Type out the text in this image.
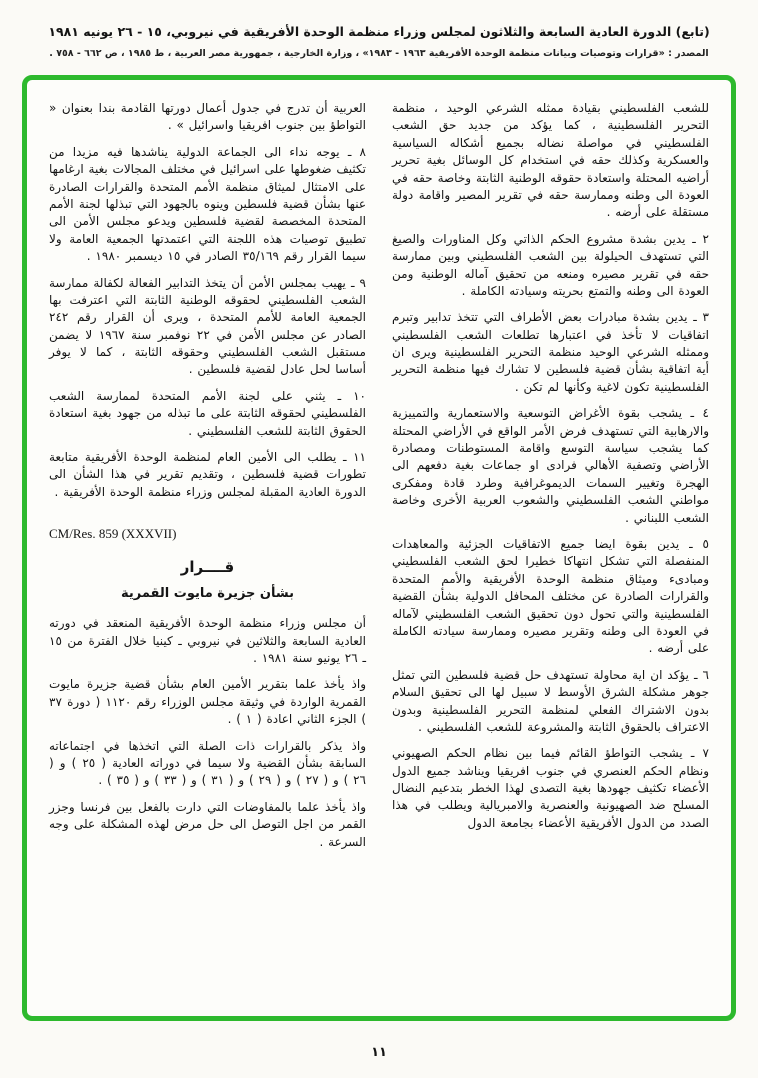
(تابع) الدورة العادية السابعة والثلاثون لمجلس وزراء منظمة الوحدة الأفريقية في نيروبي، ١٥ - ٢٦ يونيه ١٩٨١
المصدر : «قرارات وتوصيات وبيانات منظمة الوحدة الأفريقية ١٩٦٣ - ١٩٨٣» ، وزارة الخارجية ، جمهورية مصر العربية ، ط ١٩٨٥ ، ص ٦٦٢ - ٧٥٨ .
للشعب الفلسطيني بقيادة ممثله الشرعي الوحيد ، منظمة التحرير الفلسطينية ، كما يؤكد من جديد حق الشعب الفلسطيني في مواصلة نضاله بجميع أشكاله السياسية والعسكرية وكذلك حقه في استخدام كل الوسائل بغية تحرير أراضيه المحتلة واستعادة حقوقه الوطنية الثابتة وخاصة حقه في العودة الى وطنه وممارسة حقه في تقرير المصير واقامة دولة مستقلة على أرضه .
٢ ـ يدين بشدة مشروع الحكم الذاتي وكل المناورات والصيغ التي تستهدف الحيلولة بين الشعب الفلسطيني وبين ممارسة حقه في تقرير مصيره ومنعه من تحقيق آماله الوطنية ومن العودة الى وطنه والتمتع بحريته وسيادته الكاملة .
٣ ـ يدين بشدة مبادرات بعض الأطراف التي تتخذ تدابير وتبرم اتفاقيات لا تأخذ في اعتبارها تطلعات الشعب الفلسطيني وممثله الشرعي الوحيد منظمة التحرير الفلسطينية ويرى ان أية اتفاقية بشأن قضية فلسطين لا تشارك فيها منظمة التحرير الفلسطينية تكون لاغية وكأنها لم تكن .
٤ ـ يشجب بقوة الأغراض التوسعية والاستعمارية والتمييزية والارهابية التي تستهدف فرض الأمر الواقع في الأراضي المحتلة كما يشجب سياسة التوسع واقامة المستوطنات ومصادرة الأراضي وتصفية الأهالي فرادى او جماعات بغية دفعهم الى الهجرة وتغيير السمات الديموغرافية وطرد قادة ومفكرى مواطني الشعب الفلسطيني والشعوب العربية الأخرى وخاصة الشعب اللبناني .
٥ ـ يدين بقوة ايضا جميع الاتفاقيات الجزئية والمعاهدات المنفصلة التي تشكل انتهاكا خطيرا لحق الشعب الفلسطيني ومبادىء وميثاق منظمة الوحدة الأفريقية والأمم المتحدة والقرارات الصادرة عن مختلف المحافل الدولية بشأن القضية الفلسطينية والتي تحول دون تحقيق الشعب الفلسطيني لآماله في العودة الى وطنه وتقرير مصيره وممارسة سيادته الكاملة على أرضه .
٦ ـ يؤكد ان اية محاولة تستهدف حل قضية فلسطين التي تمثل جوهر مشكلة الشرق الأوسط لا سبيل لها الى تحقيق السلام بدون الاشتراك الفعلي لمنظمة التحرير الفلسطينية وبدون الاعتراف بالحقوق الثابتة والمشروعة للشعب الفلسطيني .
٧ ـ يشجب التواطؤ القائم فيما بين نظام الحكم الصهيوني ونظام الحكم العنصري في جنوب افريقيا ويناشد جميع الدول الأعضاء تكثيف جهودها بغية التصدى لهذا الخطر بتدعيم النضال المسلح ضد الصهيونية والعنصرية والامبريالية ويطلب في هذا الصدد من الدول الأفريقية الأعضاء بجامعة الدول
العربية أن تدرج في جدول أعمال دورتها القادمة بندا بعنوان « التواطؤ بين جنوب افريقيا واسرائيل » .
٨ ـ يوجه نداء الى الجماعة الدولية يناشدها فيه مزيدا من تكثيف ضغوطها على اسرائيل في مختلف المجالات بغية ارغامها على الامتثال لميثاق منظمة الأمم المتحدة والقرارات الصادرة عنها بشأن قضية فلسطين وينوه بالجهود التي تبذلها لجنة الأمم المتحدة المخصصة لقضية فلسطين ويدعو مجلس الأمن الى تطبيق توصيات هذه اللجنة التي اعتمدتها الجمعية العامة ولا سيما القرار رقم ٣٥/١٦٩ الصادر في ١٥ ديسمبر ١٩٨٠ .
٩ ـ يهيب بمجلس الأمن أن يتخذ التدابير الفعالة لكفالة ممارسة الشعب الفلسطيني لحقوقه الوطنية الثابتة التي اعترفت بها الجمعية العامة للأمم المتحدة ، ويرى أن القرار رقم ٢٤٢ الصادر عن مجلس الأمن في ٢٢ نوفمبر سنة ١٩٦٧ لا يضمن مستقبل الشعب الفلسطيني وحقوقه الثابتة ، كما لا يوفر أساسا لحل عادل لقضية فلسطين .
١٠ ـ يثني على لجنة الأمم المتحدة لممارسة الشعب الفلسطيني لحقوقه الثابتة على ما تبذله من جهود بغية استعادة الحقوق الثابتة للشعب الفلسطيني .
١١ ـ يطلب الى الأمين العام لمنظمة الوحدة الأفريقية متابعة تطورات قضية فلسطين ، وتقديم تقرير في هذا الشأن الى الدورة العادية المقبلة لمجلس وزراء منظمة الوحدة الأفريقية .
CM/Res. 859 (XXXVII)
قــــرار
بشأن جزيرة مايوت القمرية
أن مجلس وزراء منظمة الوحدة الأفريقية المنعقد في دورته العادية السابعة والثلاثين في نيروبي ـ كينيا خلال الفترة من ١٥ ـ ٢٦ يونيو سنة ١٩٨١ .
واذ يأخذ علما بتقرير الأمين العام بشأن قضية جزيرة مايوت القمرية الواردة في وثيقة مجلس الوزراء رقم ١١٢٠ ( دورة ٣٧ ) الجزء الثاني اعادة ( ١ ) .
واذ يذكر بالقرارات ذات الصلة التي اتخذها في اجتماعاته السابقة بشأن القضية ولا سيما في دوراته العادية ( ٢٥ ) و ( ٢٦ ) و ( ٢٧ ) و ( ٢٩ ) و ( ٣١ ) و ( ٣٣ ) و ( ٣٥ ) .
واذ يأخذ علما بالمفاوضات التي دارت بالفعل بين فرنسا وجزر القمر من اجل التوصل الى حل مرض لهذه المشكلة على وجه السرعة .
١١
